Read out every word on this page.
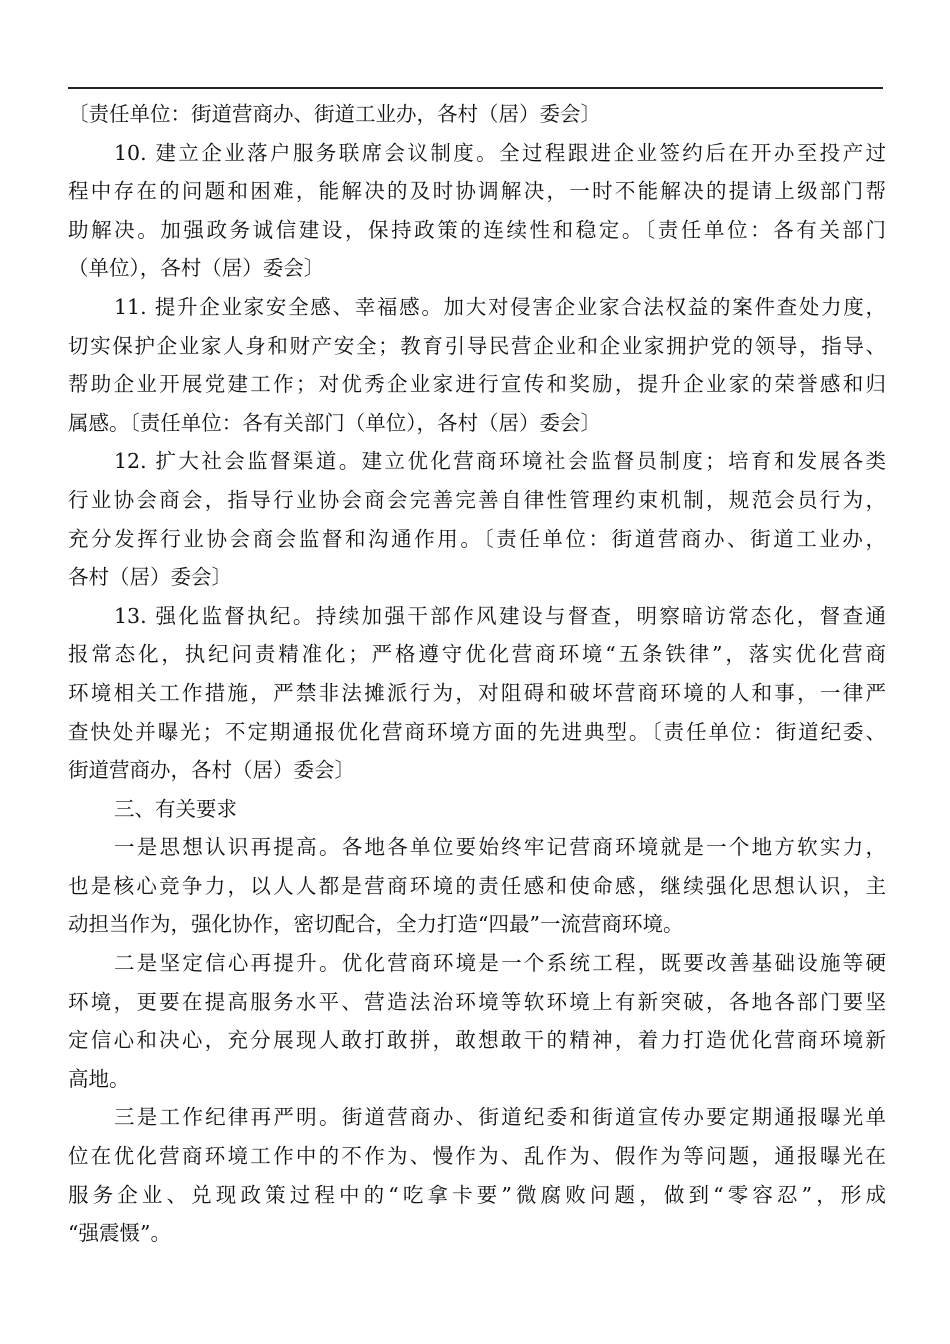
〔责任单位：街道营商办、街道工业办，各村（居）委会〕
10. 建立企业落户服务联席会议制度。全过程跟进企业签约后在开办至投产过
程中存在的问题和困难，能解决的及时协调解决，一时不能解决的提请上级部门帮
助解决。加强政务诚信建设，保持政策的连续性和稳定。〔责任单位：各有关部门
（单位），各村（居）委会〕
11. 提升企业家安全感、幸福感。加大对侵害企业家合法权益的案件查处力度，
切实保护企业家人身和财产安全；教育引导民营企业和企业家拥护党的领导，指导、
帮助企业开展党建工作；对优秀企业家进行宣传和奖励，提升企业家的荣誉感和归
属感。〔责任单位：各有关部门（单位），各村（居）委会〕
12. 扩大社会监督渠道。建立优化营商环境社会监督员制度；培育和发展各类
行业协会商会，指导行业协会商会完善完善自律性管理约束机制，规范会员行为，
充分发挥行业协会商会监督和沟通作用。〔责任单位：街道营商办、街道工业办，
各村（居）委会〕
13. 强化监督执纪。持续加强干部作风建设与督查，明察暗访常态化，督查通
报常态化，执纪问责精准化；严格遵守优化营商环境“五条铁律”，落实优化营商
环境相关工作措施，严禁非法摊派行为，对阻碍和破坏营商环境的人和事，一律严
查快处并曝光；不定期通报优化营商环境方面的先进典型。〔责任单位：街道纪委、
街道营商办，各村（居）委会〕
三、有关要求
一是思想认识再提高。各地各单位要始终牢记营商环境就是一个地方软实力，
也是核心竞争力，以人人都是营商环境的责任感和使命感，继续强化思想认识，主
动担当作为，强化协作，密切配合，全力打造“四最”一流营商环境。
二是坚定信心再提升。优化营商环境是一个系统工程，既要改善基础设施等硬
环境，更要在提高服务水平、营造法治环境等软环境上有新突破，各地各部门要坚
定信心和决心，充分展现人敢打敢拼，敢想敢干的精神，着力打造优化营商环境新
高地。
三是工作纪律再严明。街道营商办、街道纪委和街道宣传办要定期通报曝光单
位在优化营商环境工作中的不作为、慢作为、乱作为、假作为等问题，通报曝光在
服务企业、兑现政策过程中的“吃拿卡要”微腐败问题，做到“零容忍”，形成
“强震慑”。
